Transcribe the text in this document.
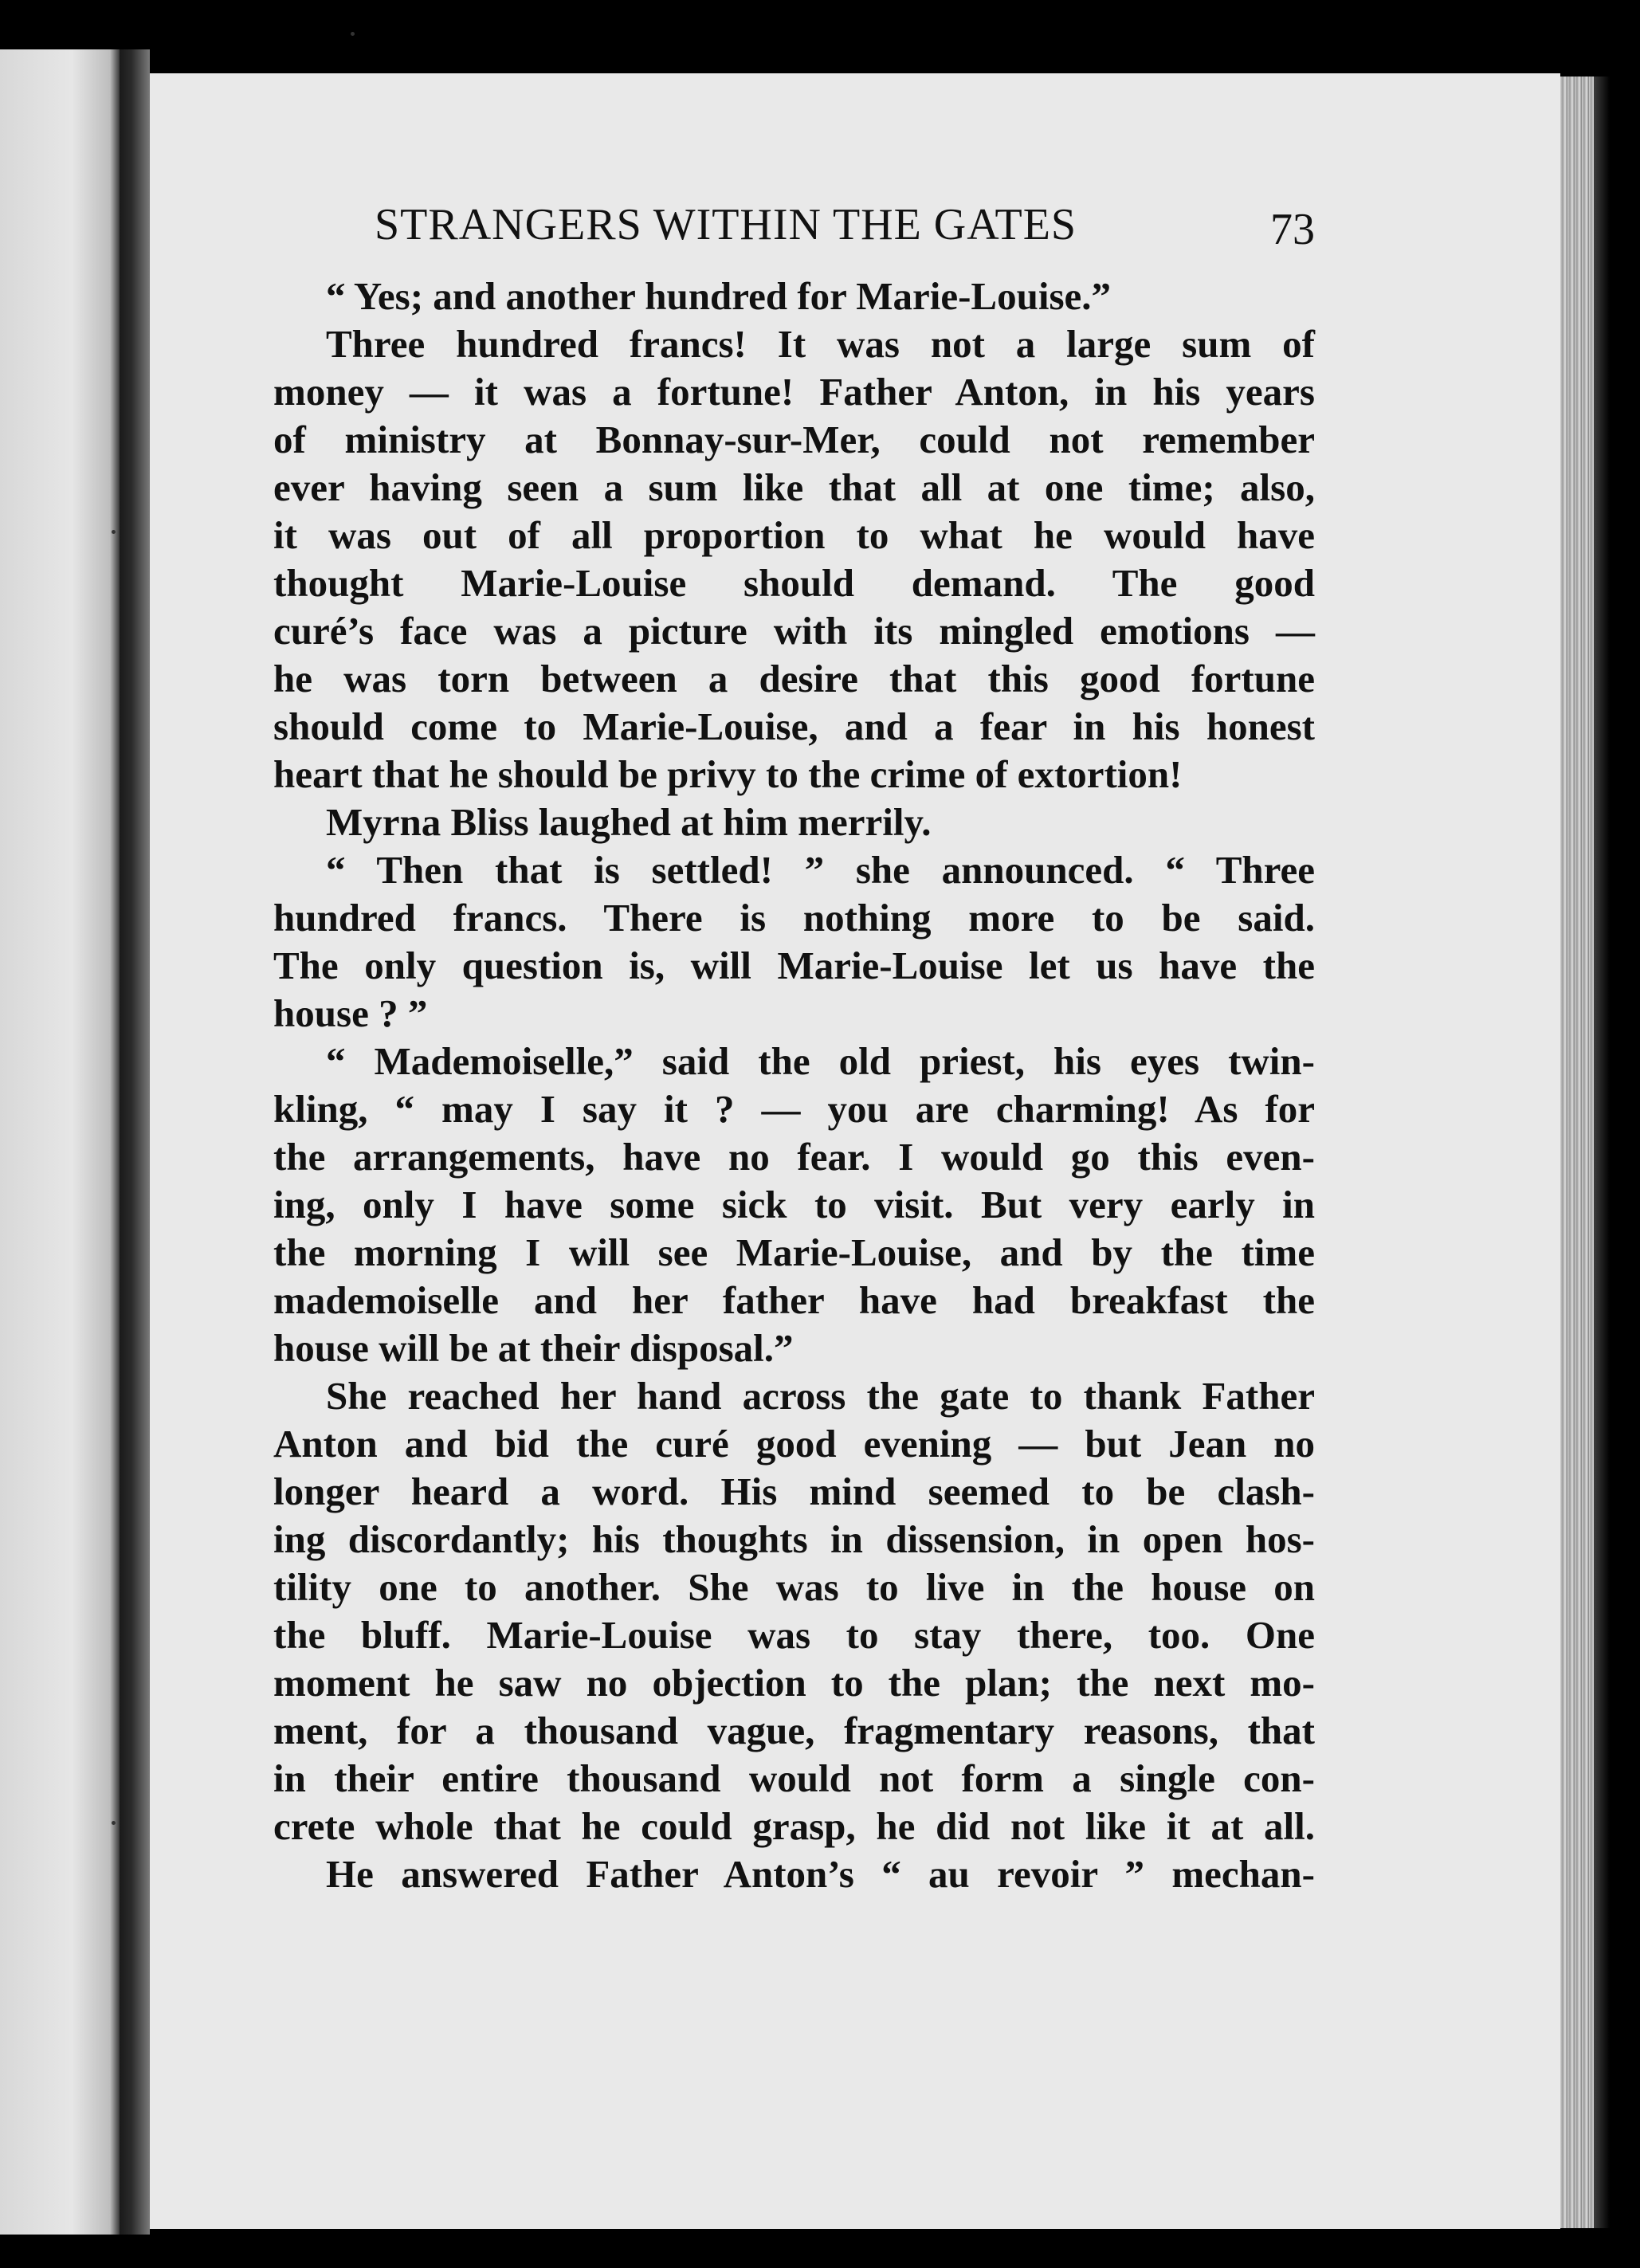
STRANGERS WITHIN THE GATES	73
“ Yes; and another hundred for Marie-Louise.”
Three hundred francs! It was not a large sum of
money — it was a fortune! Father Anton, in his years
of ministry at Bonnay-sur-Mer, could not remember
ever having seen a sum like that all at one time; also,
it was out of all proportion to what he would have
thought Marie-Louise should demand. The good
curé’s face was a picture with its mingled emotions —
he was torn between a desire that this good fortune
should come to Marie-Louise, and a fear in his honest
heart that he should be privy to the crime of extortion!
Myrna Bliss laughed at him merrily.
“ Then that is settled! ” she announced. “ Three
hundred francs. There is nothing more to be said.
The only question is, will Marie-Louise let us have the
house ? ”
“ Mademoiselle,” said the old priest, his eyes twin-
kling, “ may I say it ? — you are charming! As for
the arrangements, have no fear. I would go this even-
ing, only I have some sick to visit. But very early in
the morning I will see Marie-Louise, and by the time
mademoiselle and her father have had breakfast the
house will be at their disposal.”
She reached her hand across the gate to thank Father
Anton and bid the curé good evening — but Jean no
longer heard a word. His mind seemed to be clash-
ing discordantly; his thoughts in dissension, in open hos-
tility one to another. She was to live in the house on
the bluff. Marie-Louise was to stay there, too. One
moment he saw no objection to the plan; the next mo-
ment, for a thousand vague, fragmentary reasons, that
in their entire thousand would not form a single con-
crete whole that he could grasp, he did not like it at all.
He answered Father Anton’s “ au revoir ” mechan-
